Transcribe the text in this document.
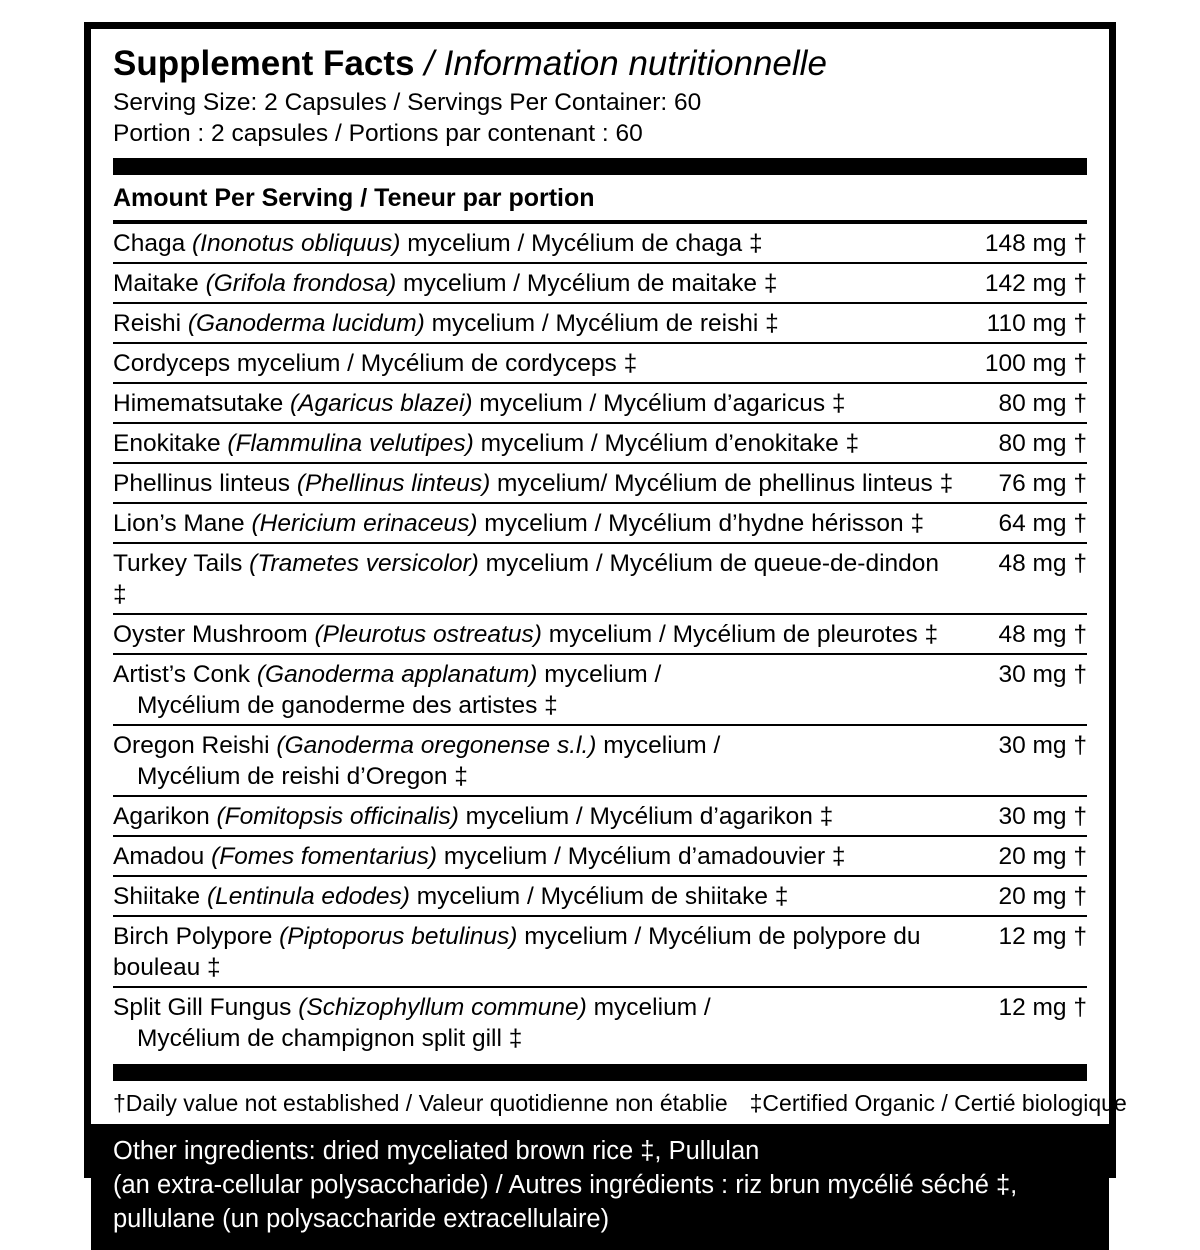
Supplement Facts / Information nutritionnelle
Serving Size: 2 Capsules / Servings Per Container: 60
Portion : 2 capsules / Portions par contenant : 60
Amount Per Serving / Teneur par portion
Chaga (Inonotus obliquus) mycelium / Mycélium de chaga ‡	148 mg †
Maitake (Grifola frondosa) mycelium / Mycélium de maitake ‡	142 mg †
Reishi (Ganoderma lucidum) mycelium / Mycélium de reishi ‡	110 mg †
Cordyceps mycelium / Mycélium de cordyceps ‡	100 mg †
Himematsutake (Agaricus blazei) mycelium / Mycélium d’agaricus ‡	80 mg †
Enokitake (Flammulina velutipes) mycelium / Mycélium d’enokitake ‡	80 mg †
Phellinus linteus (Phellinus linteus) mycelium/ Mycélium de phellinus linteus ‡	76 mg †
Lion’s Mane (Hericium erinaceus) mycelium / Mycélium d’hydne hérisson ‡	64 mg †
Turkey Tails (Trametes versicolor) mycelium / Mycélium de queue-de-dindon ‡	48 mg †
Oyster Mushroom (Pleurotus ostreatus) mycelium / Mycélium de pleurotes ‡	48 mg †
Artist’s Conk (Ganoderma applanatum) mycelium /
Mycélium de ganoderme des artistes ‡	30 mg †
Oregon Reishi (Ganoderma oregonense s.l.) mycelium /
Mycélium de reishi d’Oregon ‡	30 mg †
Agarikon (Fomitopsis officinalis) mycelium / Mycélium d’agarikon ‡	30 mg †
Amadou (Fomes fomentarius) mycelium / Mycélium d’amadouvier ‡	20 mg †
Shiitake (Lentinula edodes) mycelium / Mycélium de shiitake ‡	20 mg †
Birch Polypore (Piptoporus betulinus) mycelium / Mycélium de polypore du bouleau ‡	12 mg †
Split Gill Fungus (Schizophyllum commune) mycelium /
Mycélium de champignon split gill ‡	12 mg †
†Daily value not established / Valeur quotidienne non établie ‡Certified Organic / Certié biologique
Other ingredients: dried myceliated brown rice ‡, Pullulan
(an extra-cellular polysaccharide) / Autres ingrédients : riz brun mycélié séché ‡,
pullulane (un polysaccharide extracellulaire)
